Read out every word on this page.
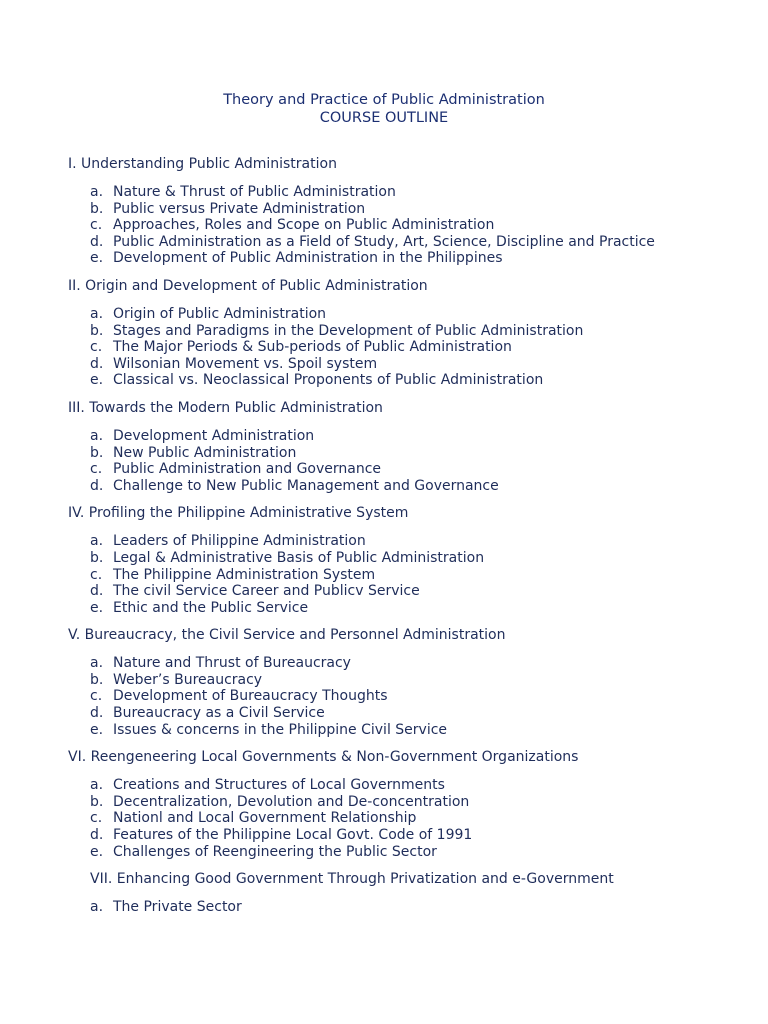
Theory and Practice of Public Administration
COURSE OUTLINE
I. Understanding Public Administration
a. Nature & Thrust of Public Administration
b. Public versus Private Administration
c. Approaches, Roles and Scope on Public Administration
d. Public Administration as a Field of Study, Art, Science, Discipline and Practice
e. Development of Public Administration in the Philippines
II. Origin and Development of Public Administration
a. Origin of Public Administration
b. Stages and Paradigms in the Development of Public Administration
c. The Major Periods & Sub-periods of Public Administration
d. Wilsonian Movement vs. Spoil system
e. Classical vs. Neoclassical Proponents of Public Administration
III. Towards the Modern Public Administration
a. Development Administration
b. New Public Administration
c. Public Administration and Governance
d. Challenge to New Public Management and Governance
IV. Profiling the Philippine Administrative System
a. Leaders of Philippine Administration
b. Legal & Administrative Basis of Public Administration
c. The Philippine Administration System
d. The civil Service Career and Publicv Service
e. Ethic and the Public Service
V. Bureaucracy, the Civil Service and Personnel Administration
a. Nature and Thrust of Bureaucracy
b. Weber’s Bureaucracy
c. Development of Bureaucracy Thoughts
d. Bureaucracy as a Civil Service
e. Issues & concerns in the Philippine Civil Service
VI. Reengeneering Local Governments & Non-Government Organizations
a. Creations and Structures of Local Governments
b. Decentralization, Devolution and De-concentration
c. Nationl and Local Government Relationship
d. Features of the Philippine Local Govt. Code of 1991
e. Challenges of Reengineering the Public Sector
VII. Enhancing Good Government Through Privatization and e-Government
a. The Private Sector
